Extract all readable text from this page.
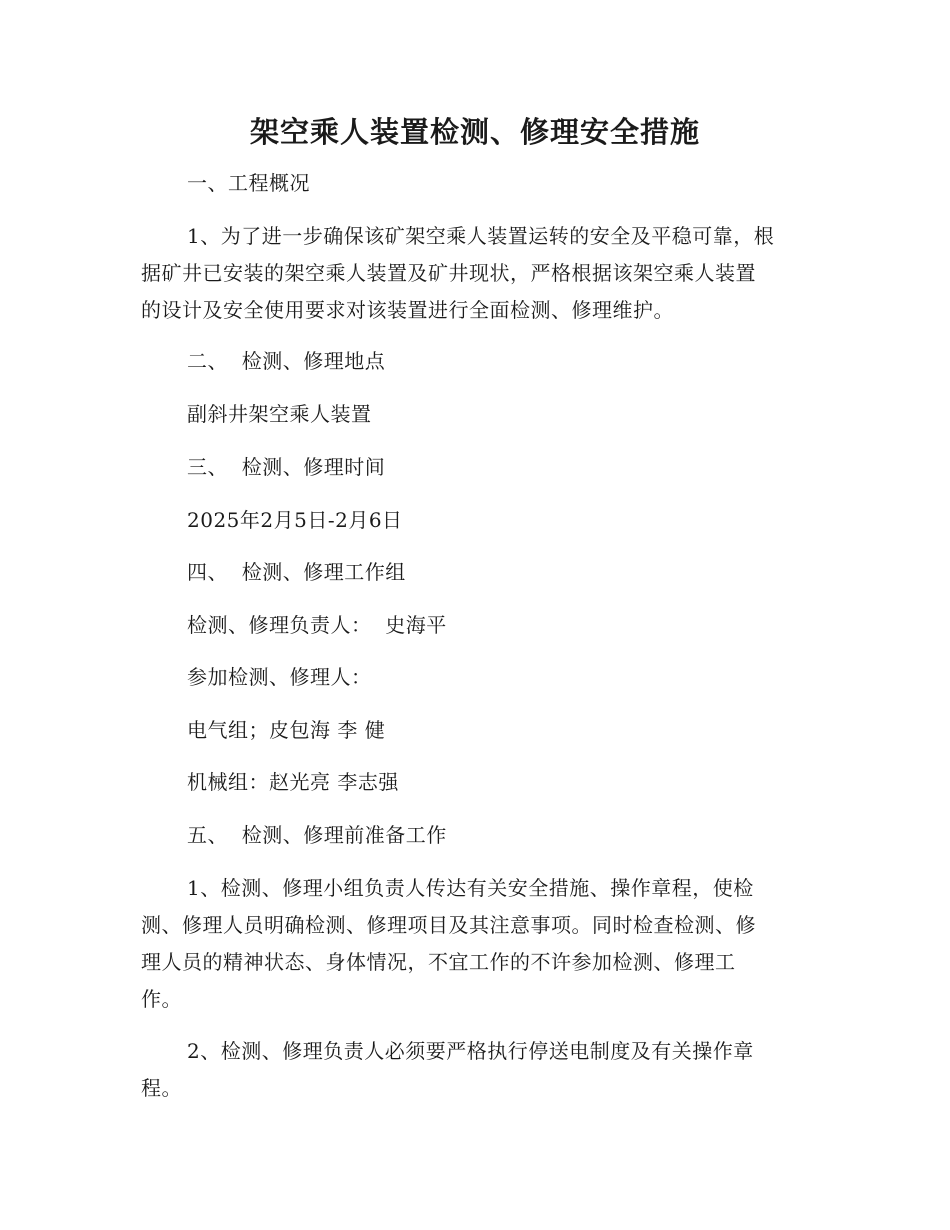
架空乘人装置检测、修理安全措施
一、工程概况
1、为了进一步确保该矿架空乘人装置运转的安全及平稳可靠，根
据矿井已安装的架空乘人装置及矿井现状，严格根据该架空乘人装置
的设计及安全使用要求对该装置进行全面检测、修理维护。
二、  检测、修理地点
副斜井架空乘人装置
三、  检测、修理时间
2025年2月5日-2月6日
四、  检测、修理工作组
检测、修理负责人：  史海平
参加检测、修理人：
电气组；皮包海 李 健
机械组：赵光亮 李志强
五、  检测、修理前准备工作
1、检测、修理小组负责人传达有关安全措施、操作章程，使检
测、修理人员明确检测、修理项目及其注意事项。同时检查检测、修
理人员的精神状态、身体情况，不宜工作的不许参加检测、修理工
作。
2、检测、修理负责人必须要严格执行停送电制度及有关操作章
程。
